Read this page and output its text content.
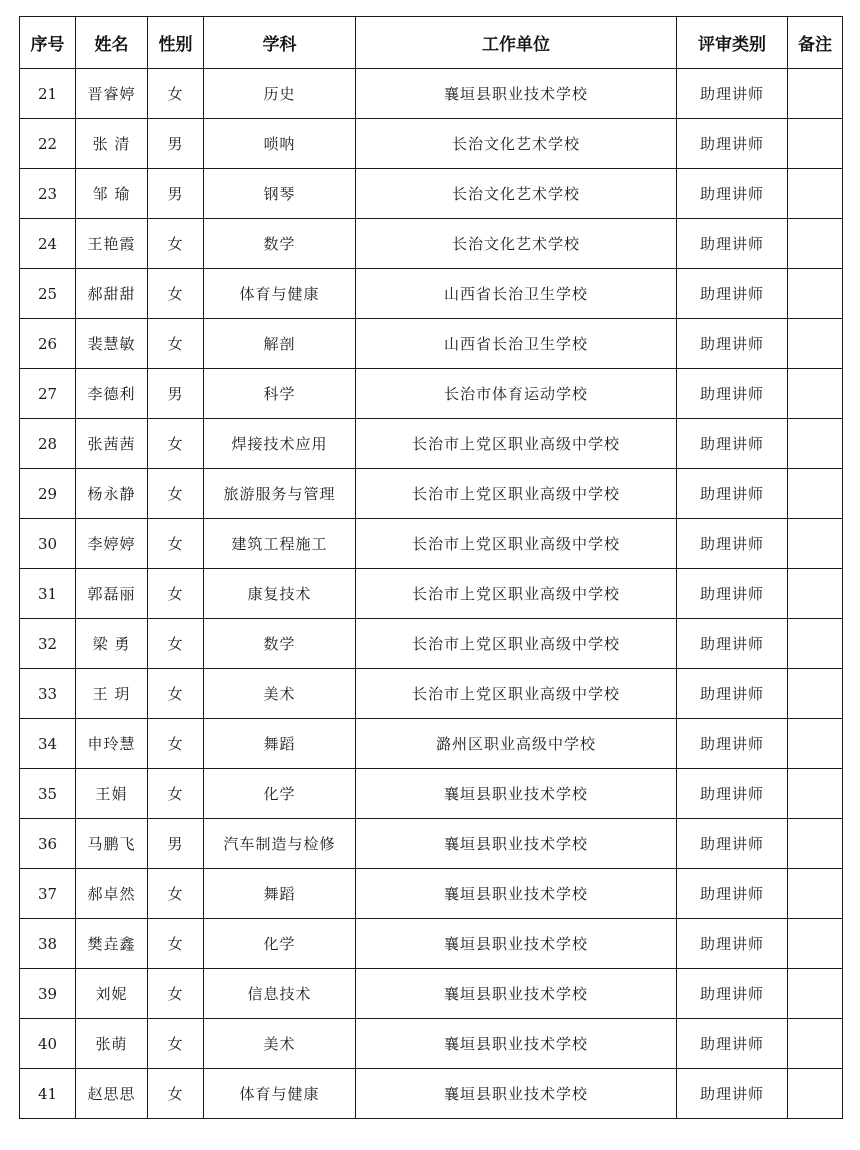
序号	姓名	性别	学科	工作单位	评审类别	备注
21	晋睿婷	女	历史	襄垣县职业技术学校	助理讲师	
22	张 清	男	唢呐	长治文化艺术学校	助理讲师	
23	邹 瑜	男	钢琴	长治文化艺术学校	助理讲师	
24	王艳霞	女	数学	长治文化艺术学校	助理讲师	
25	郝甜甜	女	体育与健康	山西省长治卫生学校	助理讲师	
26	裴慧敏	女	解剖	山西省长治卫生学校	助理讲师	
27	李德利	男	科学	长治市体育运动学校	助理讲师	
28	张茜茜	女	焊接技术应用	长治市上党区职业高级中学校	助理讲师	
29	杨永静	女	旅游服务与管理	长治市上党区职业高级中学校	助理讲师	
30	李婷婷	女	建筑工程施工	长治市上党区职业高级中学校	助理讲师	
31	郭磊丽	女	康复技术	长治市上党区职业高级中学校	助理讲师	
32	梁 勇	女	数学	长治市上党区职业高级中学校	助理讲师	
33	王 玥	女	美术	长治市上党区职业高级中学校	助理讲师	
34	申玲慧	女	舞蹈	潞州区职业高级中学校	助理讲师	
35	王娟	女	化学	襄垣县职业技术学校	助理讲师	
36	马鹏飞	男	汽车制造与检修	襄垣县职业技术学校	助理讲师	
37	郝卓然	女	舞蹈	襄垣县职业技术学校	助理讲师	
38	樊垚鑫	女	化学	襄垣县职业技术学校	助理讲师	
39	刘妮	女	信息技术	襄垣县职业技术学校	助理讲师	
40	张萌	女	美术	襄垣县职业技术学校	助理讲师	
41	赵思思	女	体育与健康	襄垣县职业技术学校	助理讲师	
